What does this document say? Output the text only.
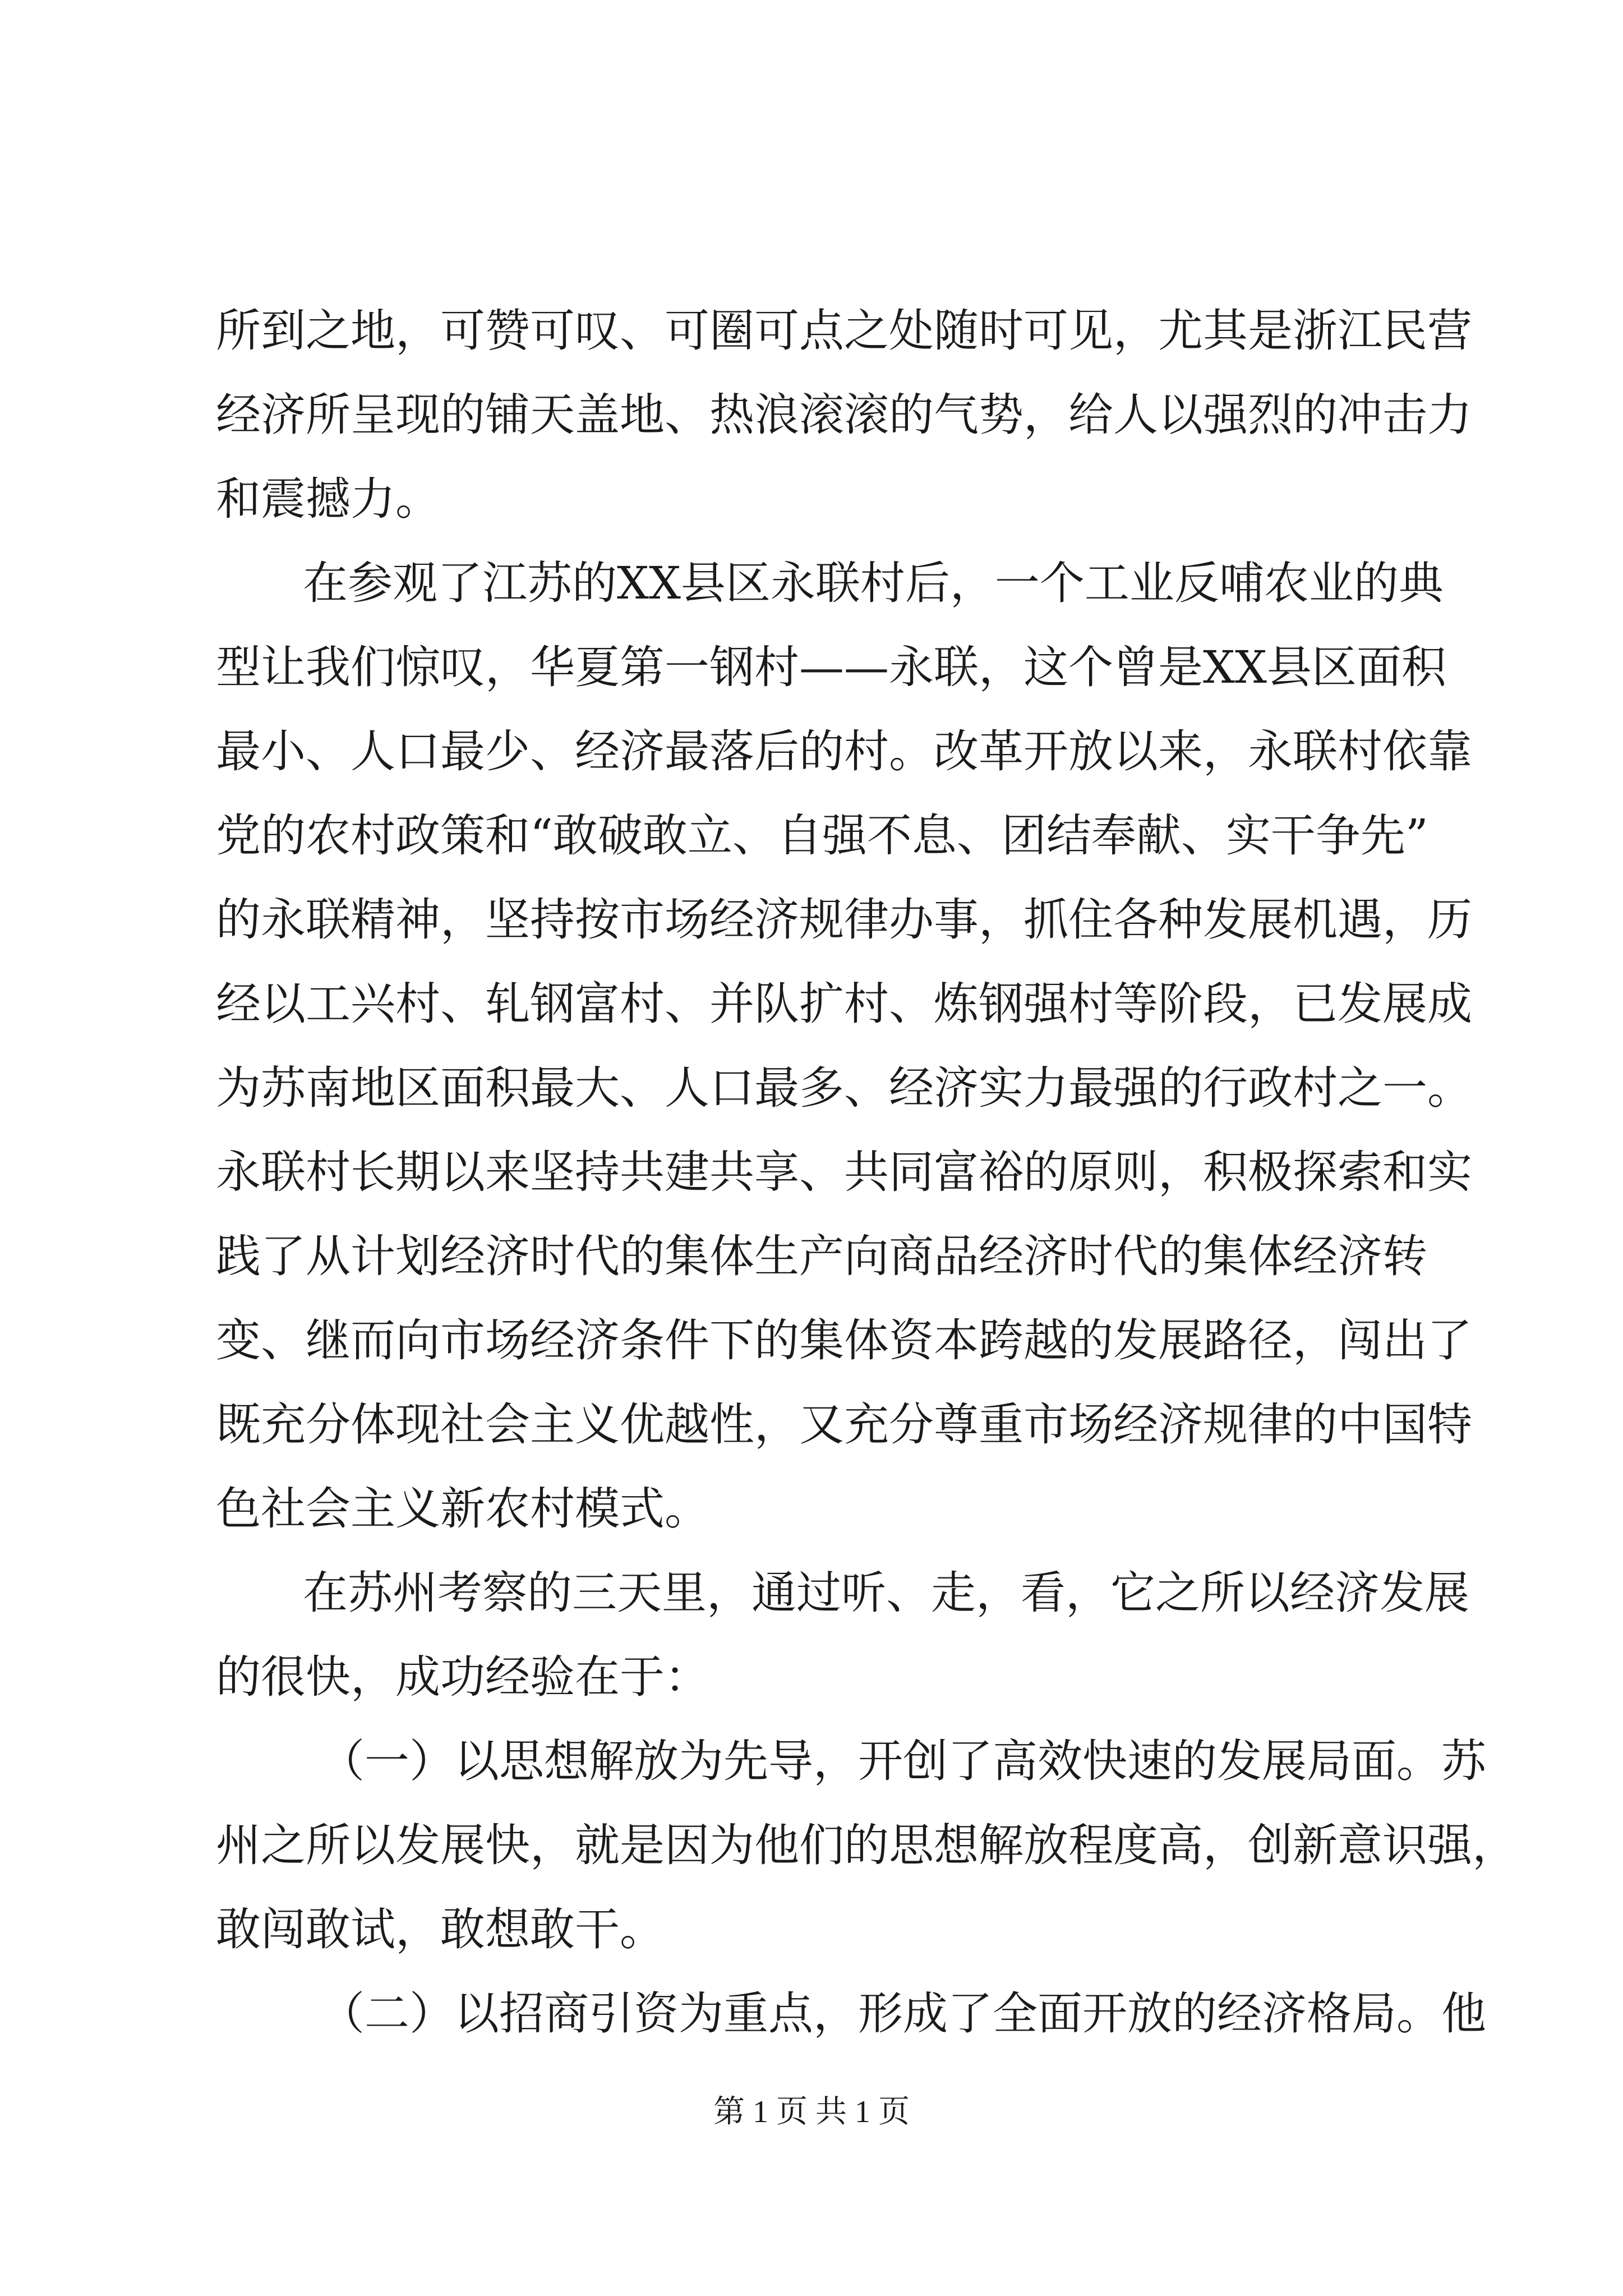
所到之地，可赞可叹、可圈可点之处随时可见，尤其是浙江民营
经济所呈现的铺天盖地、热浪滚滚的气势，给人以强烈的冲击力
和震撼力。
在参观了江苏的XX县区永联村后，一个工业反哺农业的典
型让我们惊叹，华夏第一钢村——永联，这个曾是XX县区面积
最小、人口最少、经济最落后的村。改革开放以来，永联村依靠
党的农村政策和“敢破敢立、自强不息、团结奉献、实干争先”
的永联精神，坚持按市场经济规律办事，抓住各种发展机遇，历
经以工兴村、轧钢富村、并队扩村、炼钢强村等阶段，已发展成
为苏南地区面积最大、人口最多、经济实力最强的行政村之一。
永联村长期以来坚持共建共享、共同富裕的原则，积极探索和实
践了从计划经济时代的集体生产向商品经济时代的集体经济转
变、继而向市场经济条件下的集体资本跨越的发展路径，闯出了
既充分体现社会主义优越性，又充分尊重市场经济规律的中国特
色社会主义新农村模式。
在苏州考察的三天里，通过听、走，看，它之所以经济发展
的很快，成功经验在于：
（一）以思想解放为先导，开创了高效快速的发展局面。苏
州之所以发展快，就是因为他们的思想解放程度高，创新意识强，
敢闯敢试，敢想敢干。
（二）以招商引资为重点，形成了全面开放的经济格局。他
第 1 页 共 1 页
